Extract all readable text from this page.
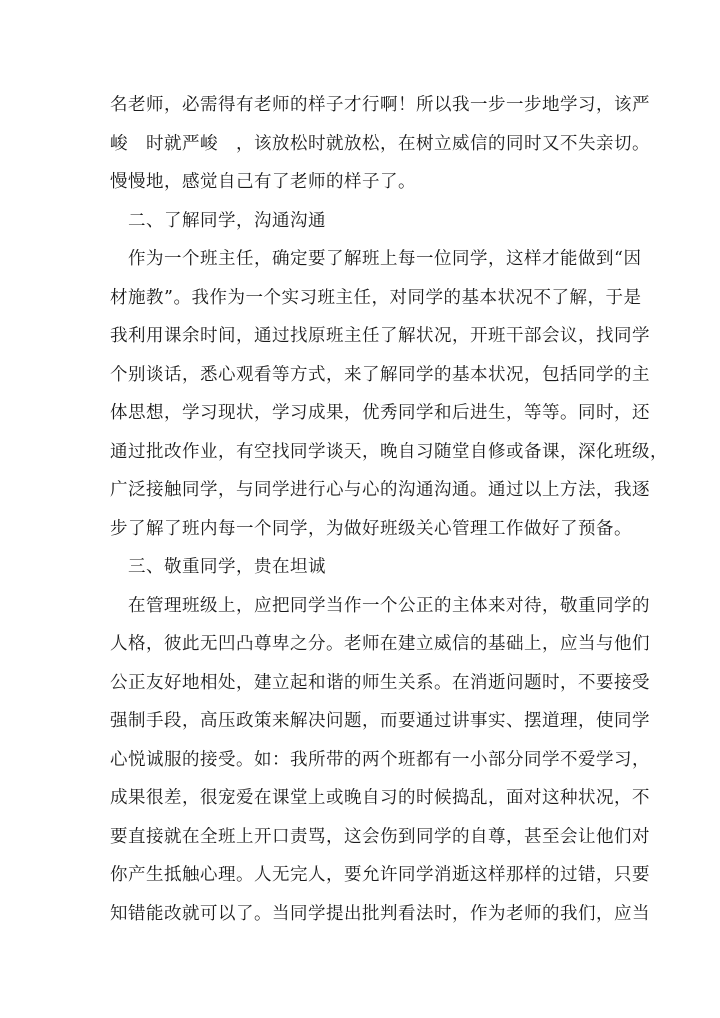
名老师，必需得有老师的样子才行啊！所以我一步一步地学习，该严
峻　时就严峻　，该放松时就放松，在树立威信的同时又不失亲切。
慢慢地，感觉自己有了老师的样子了。
二、了解同学，沟通沟通
作为一个班主任，确定要了解班上每一位同学，这样才能做到“因
材施教”。我作为一个实习班主任，对同学的基本状况不了解，于是
我利用课余时间，通过找原班主任了解状况，开班干部会议，找同学
个别谈话，悉心观看等方式，来了解同学的基本状况，包括同学的主
体思想，学习现状，学习成果，优秀同学和后进生，等等。同时，还
通过批改作业，有空找同学谈天，晚自习随堂自修或备课，深化班级，
广泛接触同学，与同学进行心与心的沟通沟通。通过以上方法，我逐
步了解了班内每一个同学，为做好班级关心管理工作做好了预备。
三、敬重同学，贵在坦诚
在管理班级上，应把同学当作一个公正的主体来对待，敬重同学的
人格，彼此无凹凸尊卑之分。老师在建立威信的基础上，应当与他们
公正友好地相处，建立起和谐的师生关系。在消逝问题时，不要接受
强制手段，高压政策来解决问题，而要通过讲事实、摆道理，使同学
心悦诚服的接受。如：我所带的两个班都有一小部分同学不爱学习，
成果很差，很宠爱在课堂上或晚自习的时候捣乱，面对这种状况，不
要直接就在全班上开口责骂，这会伤到同学的自尊，甚至会让他们对
你产生抵触心理。人无完人，要允许同学消逝这样那样的过错，只要
知错能改就可以了。当同学提出批判看法时，作为老师的我们，应当
